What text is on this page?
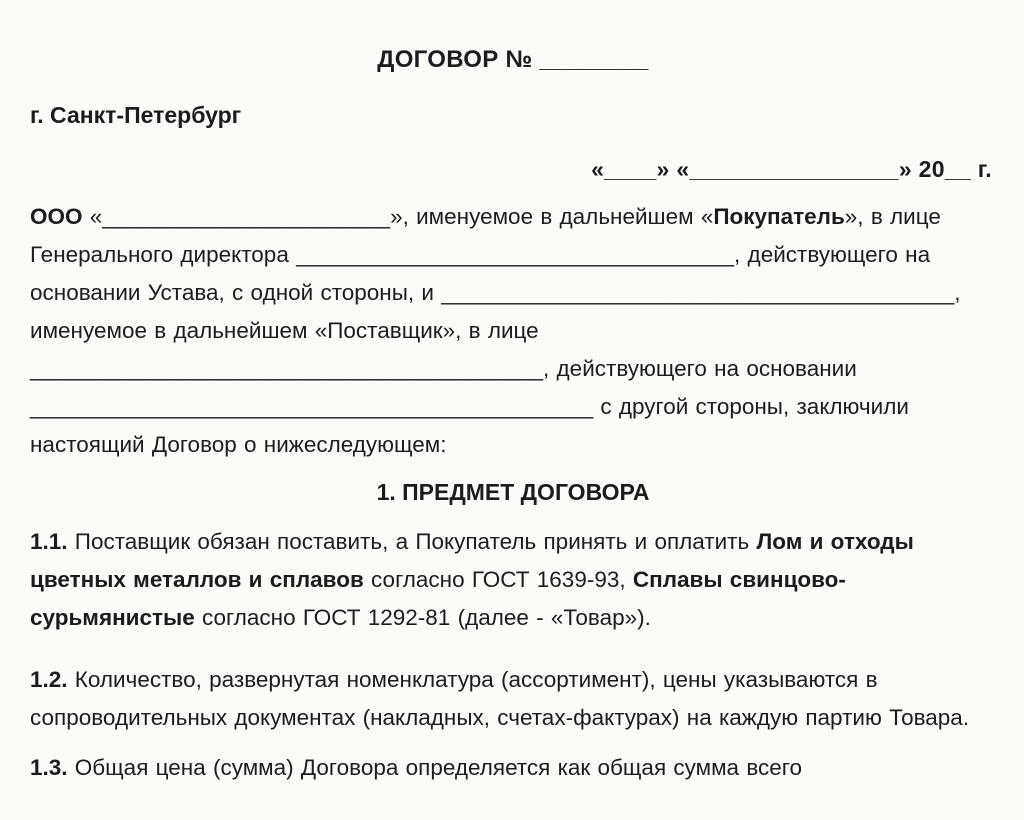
ДОГОВОР № ________

г. Санкт-Петербург

«____» «________________» 20__ г.

ООО «_______________________», именуемое в дальнейшем «Покупатель», в лице Генерального директора ___________________________________, действующего на основании Устава, с одной стороны, и _________________________________________, именуемое в дальнейшем «Поставщик», в лице _________________________________________, действующего на основании _____________________________________________ с другой стороны, заключили настоящий Договор о нижеследующем:

1. ПРЕДМЕТ ДОГОВОРА

1.1. Поставщик обязан поставить, а Покупатель принять и оплатить Лом и отходы цветных металлов и сплавов согласно ГОСТ 1639-93, Сплавы свинцово-сурьмянистые согласно ГОСТ 1292-81 (далее - «Товар»).

1.2. Количество, развернутая номенклатура (ассортимент), цены указываются в сопроводительных документах (накладных, счетах-фактурах) на каждую партию Товара.

1.3. Общая цена (сумма) Договора определяется как общая сумма всего
